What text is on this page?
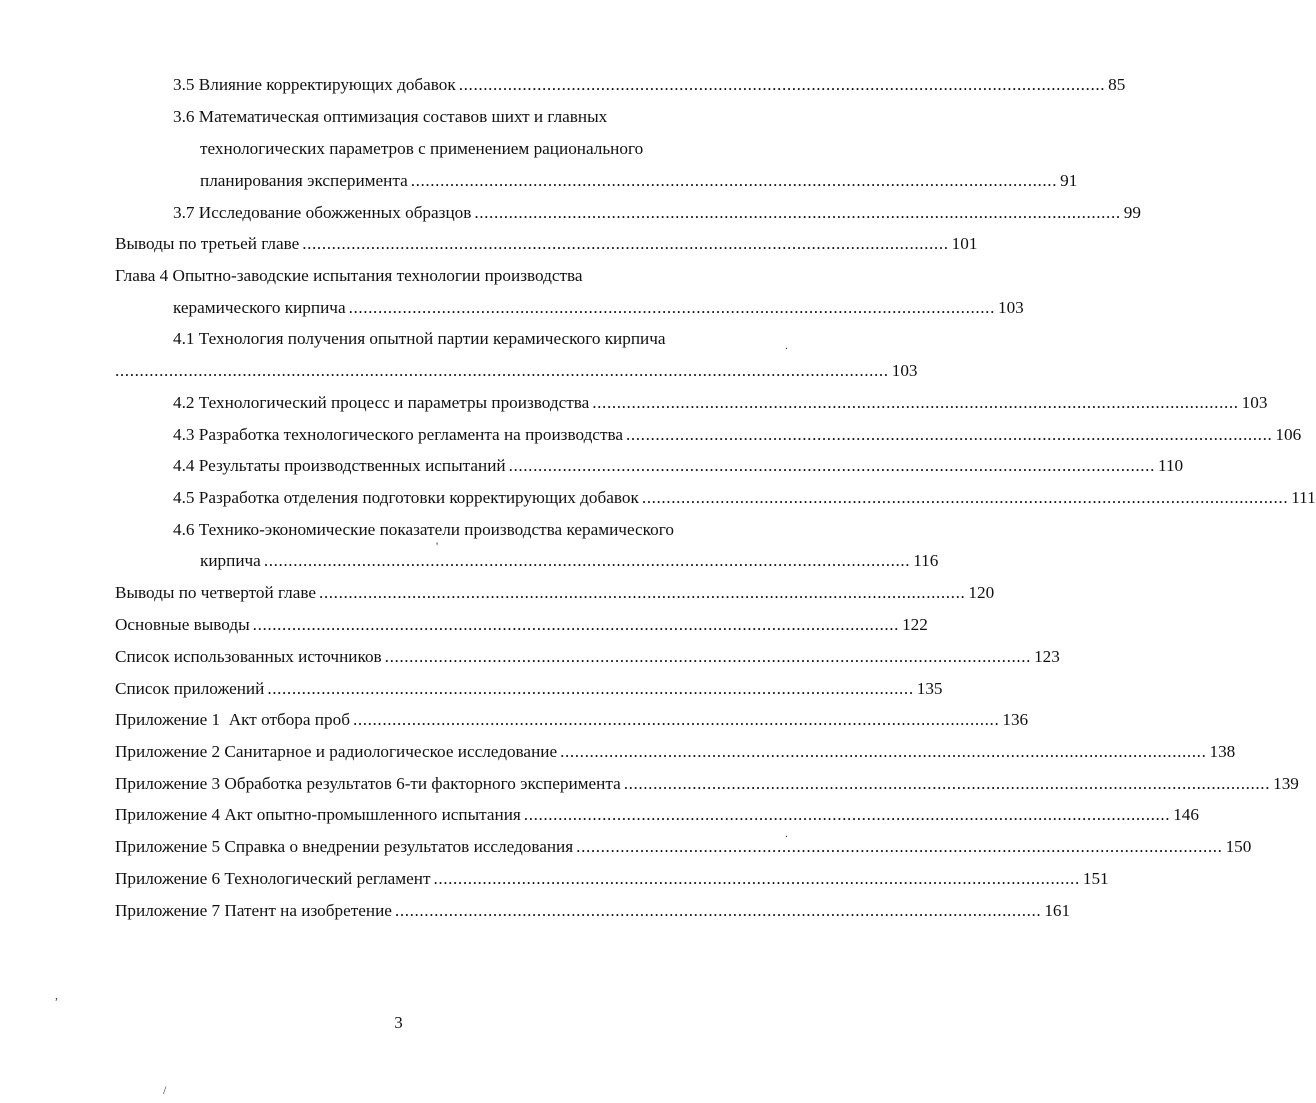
3.5 Влияние корректирующих добавок .................................................................................................................................... 85
3.6 Математическая оптимизация составов шихт и главных
технологических параметров с применением рационального
планирования эксперимента .................................................................................................................................... 91
3.7 Исследование обожженных образцов .................................................................................................................................... 99
Выводы по третьей главе .................................................................................................................................... 101
Глава 4 Опытно-заводские испытания технологии производства
керамического кирпича .................................................................................................................................... 103
4.1 Технология получения опытной партии керамического кирпича
.............................................................................................................................................................. 103
4.2 Технологический процесс и параметры производства .................................................................................................................................... 103
4.3 Разработка технологического регламента на производства .................................................................................................................................... 106
4.4 Результаты производственных испытаний .................................................................................................................................... 110
4.5 Разработка отделения подготовки корректирующих добавок .................................................................................................................................... 111
4.6 Технико-экономические показатели производства керамического
кирпича .................................................................................................................................... 116
Выводы по четвертой главе .................................................................................................................................... 120
Основные выводы .................................................................................................................................... 122
Список использованных источников .................................................................................................................................... 123
Список приложений .................................................................................................................................... 135
Приложение 1  Акт отбора проб .................................................................................................................................... 136
Приложение 2 Санитарное и радиологическое исследование .................................................................................................................................... 138
Приложение 3 Обработка результатов 6-ти факторного эксперимента .................................................................................................................................... 139
Приложение 4 Акт опытно-промышленного испытания .................................................................................................................................... 146
Приложение 5 Справка о внедрении результатов исследования .................................................................................................................................... 150
Приложение 6 Технологический регламент .................................................................................................................................... 151
Приложение 7 Патент на изобретение .................................................................................................................................... 161
3
,
/
.
.
'
